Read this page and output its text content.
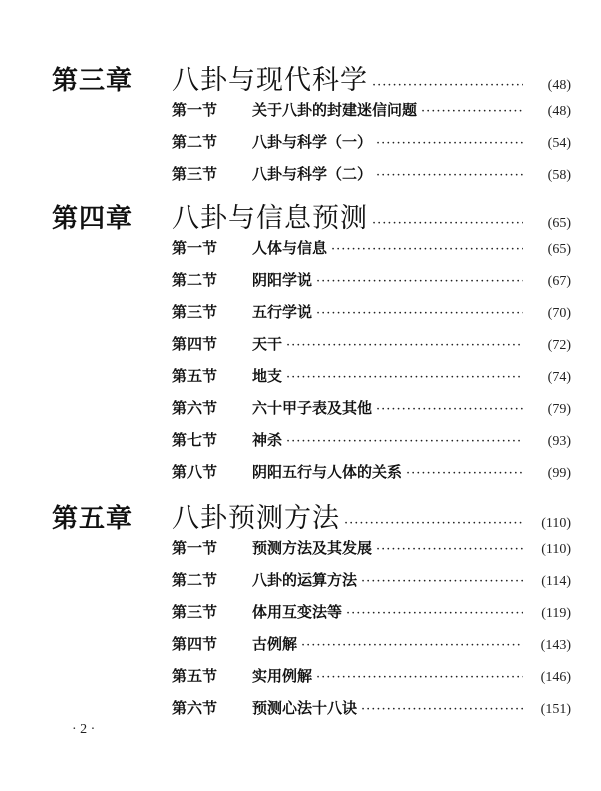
第三章	八卦与现代科学 ·····	(48)
第一节	关于八卦的封建迷信问题 ·····	(48)
第二节	八卦与科学（一） ·····	(54)
第三节	八卦与科学（二） ·····	(58)
第四章	八卦与信息预测 ·····	(65)
第一节	人体与信息 ·····	(65)
第二节	阴阳学说 ·····	(67)
第三节	五行学说 ·····	(70)
第四节	天干 ·····	(72)
第五节	地支 ·····	(74)
第六节	六十甲子表及其他 ·····	(79)
第七节	神杀 ·····	(93)
第八节	阴阳五行与人体的关系 ·····	(99)
第五章	八卦预测方法 ·····	(110)
第一节	预测方法及其发展 ·····	(110)
第二节	八卦的运算方法 ·····	(114)
第三节	体用互变法等 ·····	(119)
第四节	古例解 ·····	(143)
第五节	实用例解 ·····	(146)
第六节	预测心法十八诀 ·····	(151)
· 2 ·
